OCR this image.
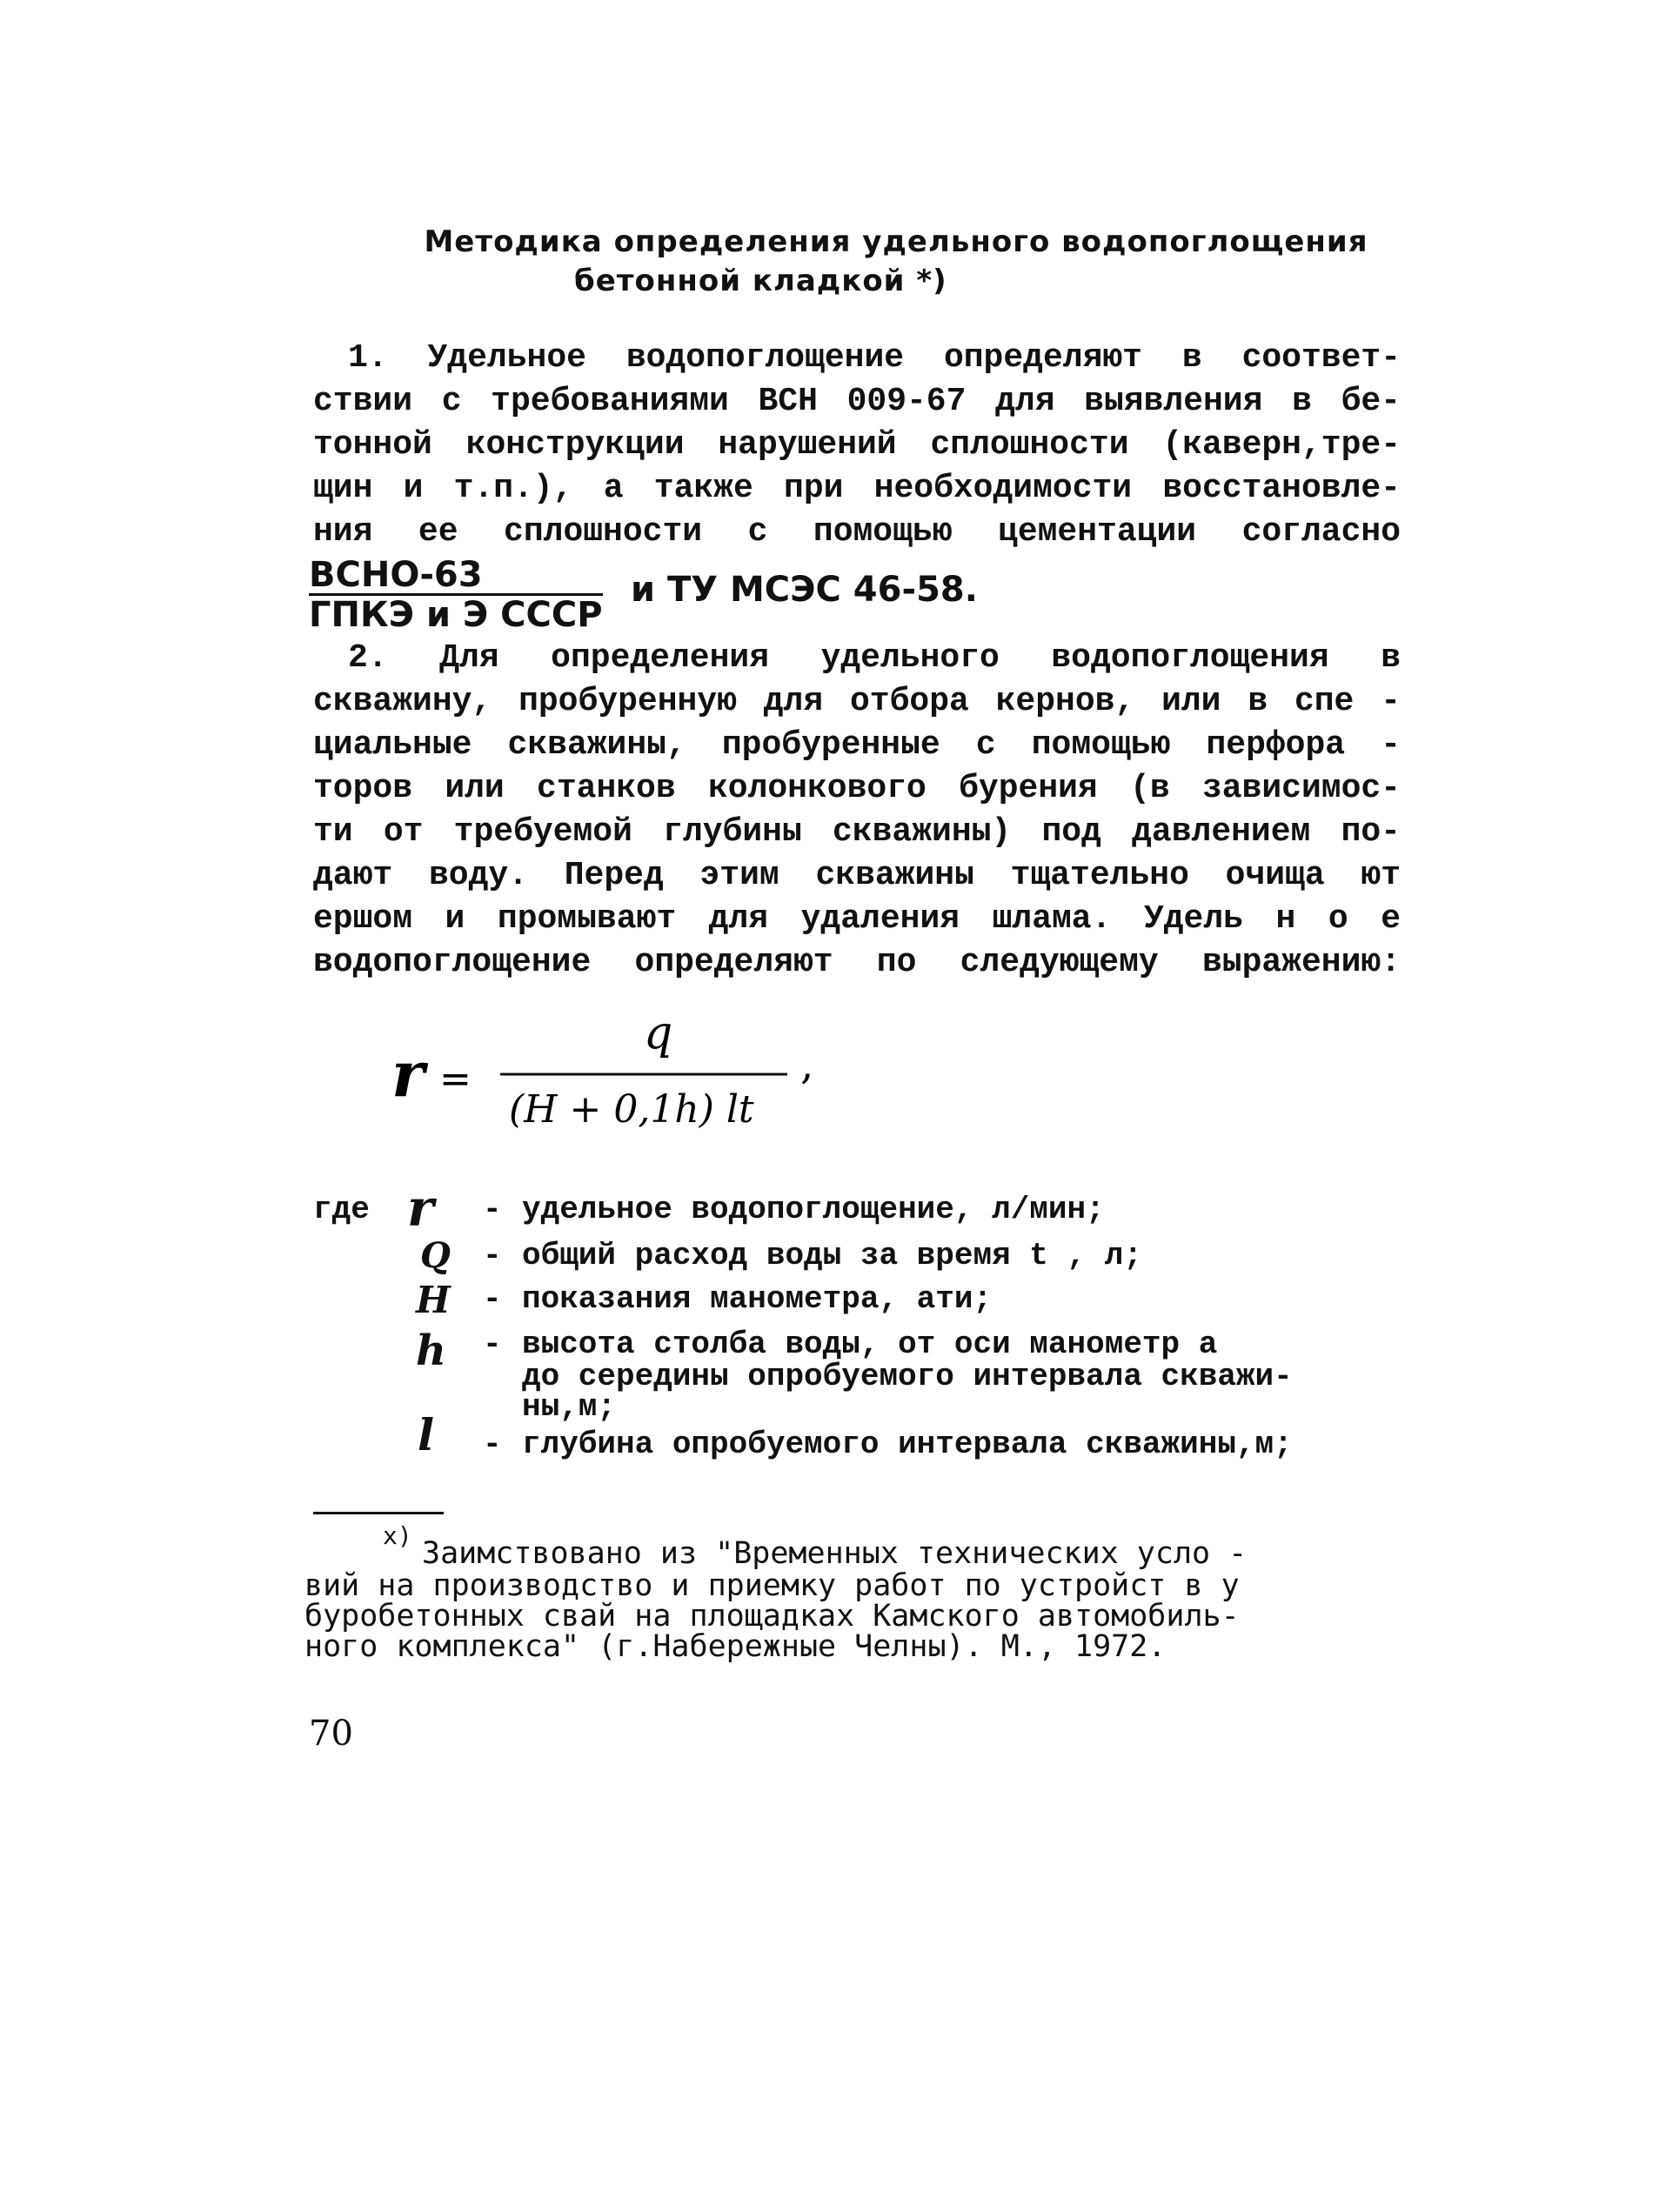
Методика определения удельного водопоглощения
бетонной кладкой *)
1. Удельное водопоглощение определяют в соответ-
ствии с требованиями ВСН 009-67 для выявления в бе-
тонной конструкции нарушений сплошности (каверн,тре-
щин и т.п.), а также при необходимости восстановле-
ния ее сплошности с помощью цементации согласно
ВСНО-63
ГПКЭ и Э СССР
и ТУ МСЭС 46-58.
2. Для определения удельного водопоглощения в
скважину, пробуренную для отбора кернов, или в спе -
циальные скважины, пробуренные с помощью перфора -
торов или станков колонкового бурения (в зависимос-
ти от требуемой глубины скважины) под давлением по-
дают воду. Перед этим скважины тщательно очища ют
ершом и промывают для удаления шлама. Удель н о е
водопоглощение определяют по следующему выражению:
r =
q
(H + 0,1h) lt
,
где r - удельное водопоглощение, л/мин;
Q - общий расход воды за время t , л;
H - показания манометра, ати;
h - высота столба воды, от оси манометр а
до середины опробуемого интервала скважи-
ны,м;
l - глубина опробуемого интервала скважины,м;
х)
Заимствовано из "Временных технических усло -
вий на производство и приемку работ по устройст в у
буробетонных свай на площадках Камского автомобиль-
ного комплекса" (г.Набережные Челны). М., 1972.
70
